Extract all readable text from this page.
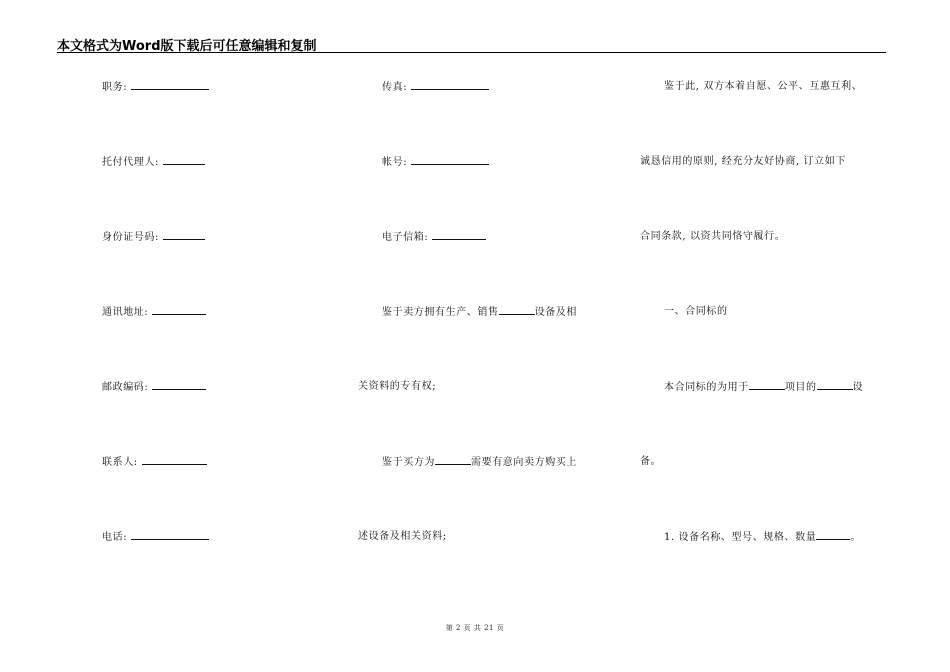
本文格式为Word版下载后可任意编辑和复制
职务:
托付代理人:
身份证号码:
通讯地址:
邮政编码:
联系人:
电话:
传真:
帐号:
电子信箱:
鉴于卖方拥有生产、销售	设备及相
关资料的专有权;
鉴于买方为	需要有意向卖方购买上
述设备及相关资料;
鉴于此, 双方本着自愿、公平、互惠互利、
诚恳信用的原则, 经充分友好协商, 订立如下
合同条款, 以资共同恪守履行。
一、合同标的
本合同标的为用于	项目的	设
备。
1. 设备名称、型号、规格、数量	。
第 2 页 共 21 页
